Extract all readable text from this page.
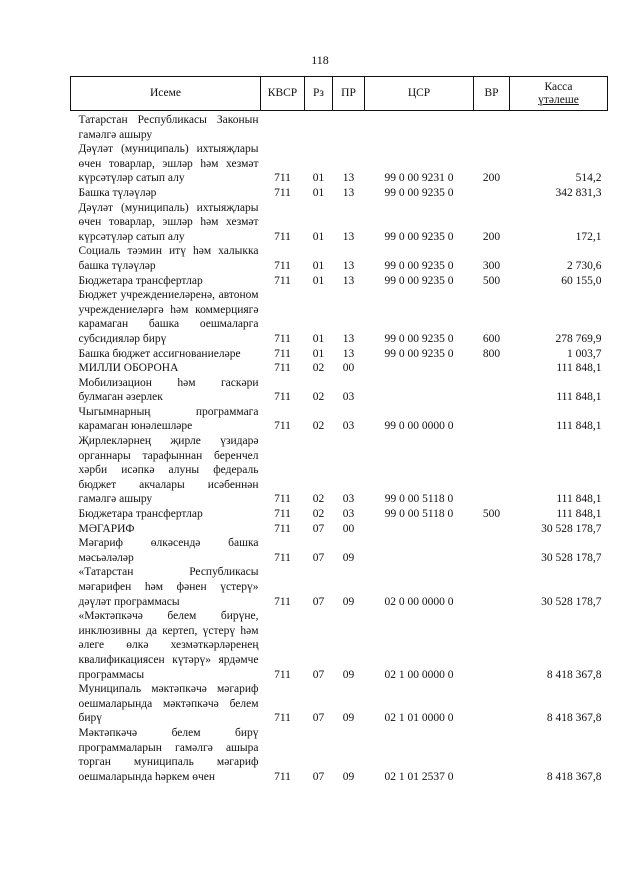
118
Исеме	КВСР	Рз	ПР	ЦСР	ВР	Касса
үтәлеше
Татарстан Республикасы Законын гамәлгә ашыру						
Дәүләт (муниципаль) ихтыяҗлары өчен товарлар, эшләр һәм хезмәт күрсәтүләр сатып алу	711	01	13	99 0 00 9231 0	200	514,2
Башка түләүләр	711	01	13	99 0 00 9235 0		342 831,3
Дәүләт (муниципаль) ихтыяҗлары өчен товарлар, эшләр һәм хезмәт күрсәтүләр сатып алу	711	01	13	99 0 00 9235 0	200	172,1
Социаль тәэмин итү һәм халыкка башка түләүләр	711	01	13	99 0 00 9235 0	300	2 730,6
Бюджетара трансфертлар	711	01	13	99 0 00 9235 0	500	60 155,0
Бюджет учреждениеләренә, автоном учреждениеләргә һәм коммерциягә карамаган башка оешмаларга субсидияләр бирү	711	01	13	99 0 00 9235 0	600	278 769,9
Башка бюджет ассигнованиеләре	711	01	13	99 0 00 9235 0	800	1 003,7
МИЛЛИ ОБОРОНА	711	02	00			111 848,1
Мобилизацион һәм гаскәри булмаган әзерлек	711	02	03			111 848,1
Чыгымнарның программага карамаган юнәлешләре	711	02	03	99 0 00 0000 0		111 848,1
Җирлекләрнең җирле үзидарә органнары тарафыннан беренчел хәрби исәпкә алуны федераль бюджет акчалары исәбеннән гамәлгә ашыру	711	02	03	99 0 00 5118 0		111 848,1
Бюджетара трансфертлар	711	02	03	99 0 00 5118 0	500	111 848,1
МӘГАРИФ	711	07	00			30 528 178,7
Мәгариф өлкәсендә башка мәсьәләләр	711	07	09			30 528 178,7
«Татарстан Республикасы мәгарифен һәм фәнен үстерү» дәүләт программасы	711	07	09	02 0 00 0000 0		30 528 178,7
«Мәктәпкәчә белем бирүне, инклюзивны да кертеп, үстерү һәм әлеге өлкә хезмәткәрләренең квалификациясен күтәрү» ярдәмче программасы	711	07	09	02 1 00 0000 0		8 418 367,8
Муниципаль мәктәпкәчә мәгариф оешмаларында мәктәпкәчә белем бирү	711	07	09	02 1 01 0000 0		8 418 367,8
Мәктәпкәчә белем бирү программаларын гамәлгә ашыра торган муниципаль мәгариф оешмаларында һәркем өчен	711	07	09	02 1 01 2537 0		8 418 367,8
